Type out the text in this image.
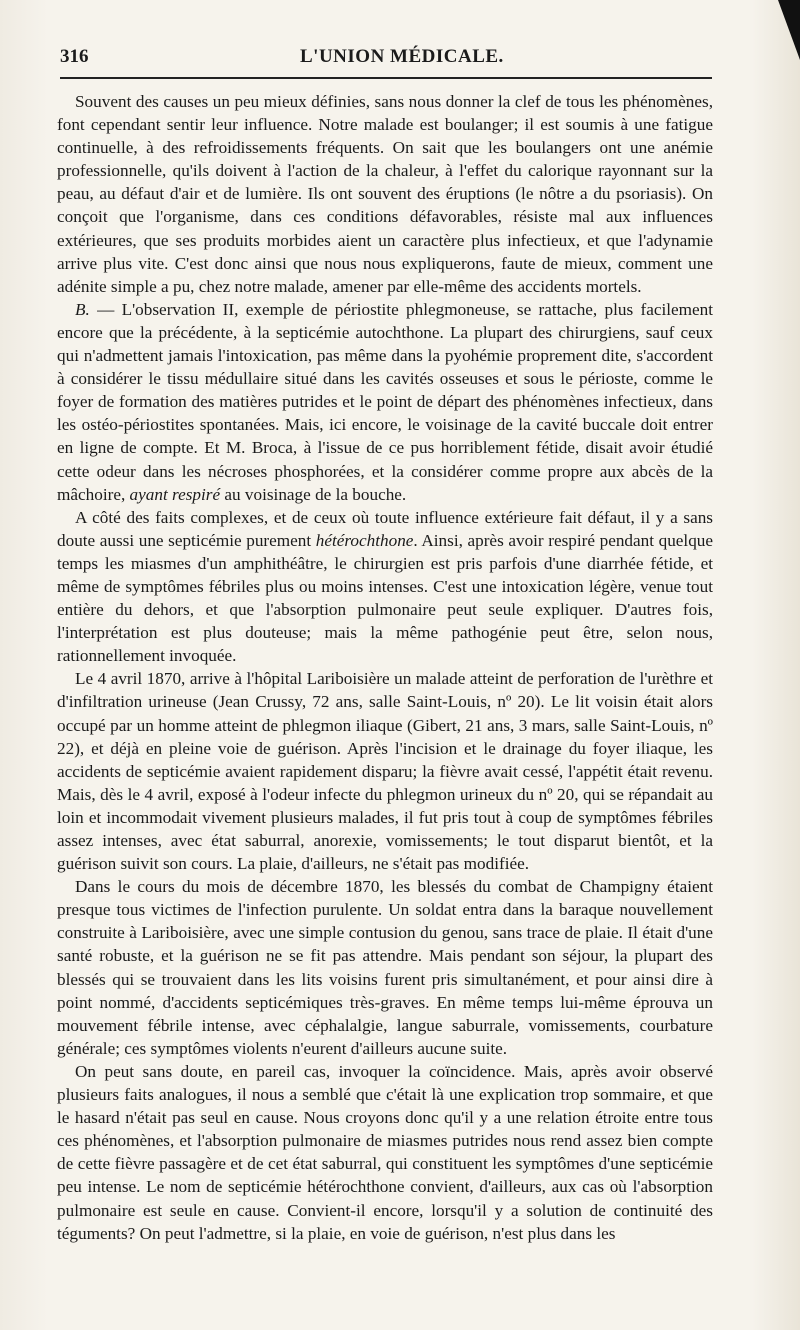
316	L'UNION MÉDICALE.

Souvent des causes un peu mieux définies, sans nous donner la clef de tous les phénomènes, font cependant sentir leur influence. Notre malade est boulanger; il est soumis à une fatigue continuelle, à des refroidissements fréquents. On sait que les boulangers ont une anémie professionnelle, qu'ils doivent à l'action de la chaleur, à l'effet du calorique rayonnant sur la peau, au défaut d'air et de lumière. Ils ont souvent des éruptions (le nôtre a du psoriasis). On conçoit que l'organisme, dans ces conditions défavorables, résiste mal aux influences extérieures, que ses produits morbides aient un caractère plus infectieux, et que l'adynamie arrive plus vite. C'est donc ainsi que nous nous expliquerons, faute de mieux, comment une adénite simple a pu, chez notre malade, amener par elle-même des accidents mortels.

B. — L'observation II, exemple de périostite phlegmoneuse, se rattache, plus facilement encore que la précédente, à la septicémie autochthone. La plupart des chirurgiens, sauf ceux qui n'admettent jamais l'intoxication, pas même dans la pyohémie proprement dite, s'accordent à considérer le tissu médullaire situé dans les cavités osseuses et sous le périoste, comme le foyer de formation des matières putrides et le point de départ des phénomènes infectieux, dans les ostéo-périostites spontanées. Mais, ici encore, le voisinage de la cavité buccale doit entrer en ligne de compte. Et M. Broca, à l'issue de ce pus horriblement fétide, disait avoir étudié cette odeur dans les nécroses phosphorées, et la considérer comme propre aux abcès de la mâchoire, ayant respiré au voisinage de la bouche.

A côté des faits complexes, et de ceux où toute influence extérieure fait défaut, il y a sans doute aussi une septicémie purement hétérochthone. Ainsi, après avoir respiré pendant quelque temps les miasmes d'un amphithéâtre, le chirurgien est pris parfois d'une diarrhée fétide, et même de symptômes fébriles plus ou moins intenses. C'est une intoxication légère, venue tout entière du dehors, et que l'absorption pulmonaire peut seule expliquer. D'autres fois, l'interprétation est plus douteuse; mais la même pathogénie peut être, selon nous, rationnellement invoquée.

Le 4 avril 1870, arrive à l'hôpital Lariboisière un malade atteint de perforation de l'urèthre et d'infiltration urineuse (Jean Crussy, 72 ans, salle Saint-Louis, nº 20). Le lit voisin était alors occupé par un homme atteint de phlegmon iliaque (Gibert, 21 ans, 3 mars, salle Saint-Louis, nº 22), et déjà en pleine voie de guérison. Après l'incision et le drainage du foyer iliaque, les accidents de septicémie avaient rapidement disparu; la fièvre avait cessé, l'appétit était revenu. Mais, dès le 4 avril, exposé à l'odeur infecte du phlegmon urineux du nº 20, qui se répandait au loin et incommodait vivement plusieurs malades, il fut pris tout à coup de symptômes fébriles assez intenses, avec état saburral, anorexie, vomissements; le tout disparut bientôt, et la guérison suivit son cours. La plaie, d'ailleurs, ne s'était pas modifiée.

Dans le cours du mois de décembre 1870, les blessés du combat de Champigny étaient presque tous victimes de l'infection purulente. Un soldat entra dans la baraque nouvellement construite à Lariboisière, avec une simple contusion du genou, sans trace de plaie. Il était d'une santé robuste, et la guérison ne se fit pas attendre. Mais pendant son séjour, la plupart des blessés qui se trouvaient dans les lits voisins furent pris simultanément, et pour ainsi dire à point nommé, d'accidents septicémiques très-graves. En même temps lui-même éprouva un mouvement fébrile intense, avec céphalalgie, langue saburrale, vomissements, courbature générale; ces symptômes violents n'eurent d'ailleurs aucune suite.

On peut sans doute, en pareil cas, invoquer la coïncidence. Mais, après avoir observé plusieurs faits analogues, il nous a semblé que c'était là une explication trop sommaire, et que le hasard n'était pas seul en cause. Nous croyons donc qu'il y a une relation étroite entre tous ces phénomènes, et l'absorption pulmonaire de miasmes putrides nous rend assez bien compte de cette fièvre passagère et de cet état saburral, qui constituent les symptômes d'une septicémie peu intense. Le nom de septicémie hétérochthone convient, d'ailleurs, aux cas où l'absorption pulmonaire est seule en cause. Convient-il encore, lorsqu'il y a solution de continuité des téguments? On peut l'admettre, si la plaie, en voie de guérison, n'est plus dans les
